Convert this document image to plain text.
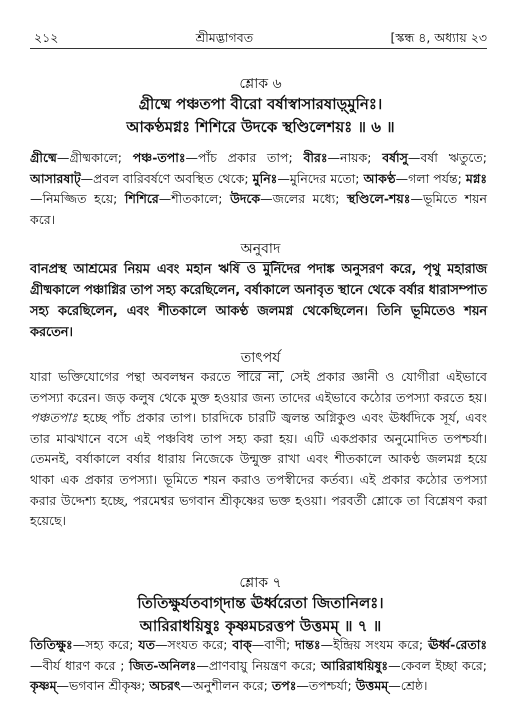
২১২	শ্রীমদ্ভাগবত	[স্কন্ধ ৪, অধ্যায় ২৩
শ্লোক ৬
গ্রীষ্মে পঞ্চতপা বীরো বর্ষাস্বাসারষাড়্মুনিঃ।
আকণ্ঠমগ্নঃ শিশিরে উদকে স্থণ্ডিলেশয়ঃ ॥ ৬ ॥
গ্রীষ্মে—গ্রীষ্মকালে; পঞ্চ-তপাঃ—পাঁচ প্রকার তাপ; বীরঃ—নায়ক; বর্ষাসু—বর্ষা ঋতুতে; আসারষাট্—প্রবল বারিবর্ষণে অবস্থিত থেকে; মুনিঃ—মুনিদের মতো; আকণ্ঠ—গলা পর্যন্ত; মগ্নঃ—নিমজ্জিত হয়ে; শিশিরে—শীতকালে; উদকে—জলের মধ্যে; স্থণ্ডিলে-শয়ঃ—ভূমিতে শয়ন করে।
অনুবাদ
বানপ্রস্থ আশ্রমের নিয়ম এবং মহান ঋষি ও মুনিদের পদাঙ্ক অনুসরণ করে, পৃথু মহারাজ গ্রীষ্মকালে পঞ্চাগ্নির তাপ সহ্য করেছিলেন, বর্ষাকালে অনাবৃত স্থানে থেকে বর্ষার ধারাসম্পাত সহ্য করেছিলেন, এবং শীতকালে আকণ্ঠ জলমগ্ন থেকেছিলেন। তিনি ভূমিতেও শয়ন করতেন।
তাৎপর্য
যারা ভক্তিযোগের পন্থা অবলম্বন করতে পারে না, সেই প্রকার জ্ঞানী ও যোগীরা এইভাবে তপস্যা করেন। জড় কলুষ থেকে মুক্ত হওয়ার জন্য তাদের এইভাবে কঠোর তপস্যা করতে হয়। পঞ্চতপাঃ হচ্ছে পাঁচ প্রকার তাপ। চারদিকে চারটি জ্বলন্ত অগ্নিকুণ্ড এবং ঊর্ধ্বদিকে সূর্য, এবং তার মাঝখানে বসে এই পঞ্চবিধ তাপ সহ্য করা হয়। এটি একপ্রকার অনুমোদিত তপশ্চর্যা। তেমনই, বর্ষাকালে বর্ষার ধারায় নিজেকে উন্মুক্ত রাখা এবং শীতকালে আকণ্ঠ জলমগ্ন হয়ে থাকা এক প্রকার তপস্যা। ভূমিতে শয়ন করাও তপস্বীদের কর্তব্য। এই প্রকার কঠোর তপস্যা করার উদ্দেশ্য হচ্ছে, পরমেশ্বর ভগবান শ্রীকৃষ্ণের ভক্ত হওয়া। পরবর্তী শ্লোকে তা বিশ্লেষণ করা হয়েছে।
শ্লোক ৭
তিতিক্ষুর্যতবাগ্‌দান্ত ঊর্ধ্বরেতা জিতানিলঃ।
আরিরাধয়িষুঃ কৃষ্ণমচরত্তপ উত্তমম্‌ ॥ ৭ ॥
তিতিক্ষুঃ—সহ্য করে; যত—সংযত করে; বাক্—বাণী; দান্তঃ—ইন্দ্রিয় সংযম করে; ঊর্ধ্ব-রেতাঃ—বীর্য ধারণ করে ; জিত-অনিলঃ—প্রাণবায়ু নিয়ন্ত্রণ করে; আরিরাধয়িষুঃ—কেবল ইচ্ছা করে; কৃষ্ণম্—ভগবান শ্রীকৃষ্ণ; অচরৎ—অনুশীলন করে; তপঃ—তপশ্চর্যা; উত্তমম্—শ্রেষ্ঠ।
